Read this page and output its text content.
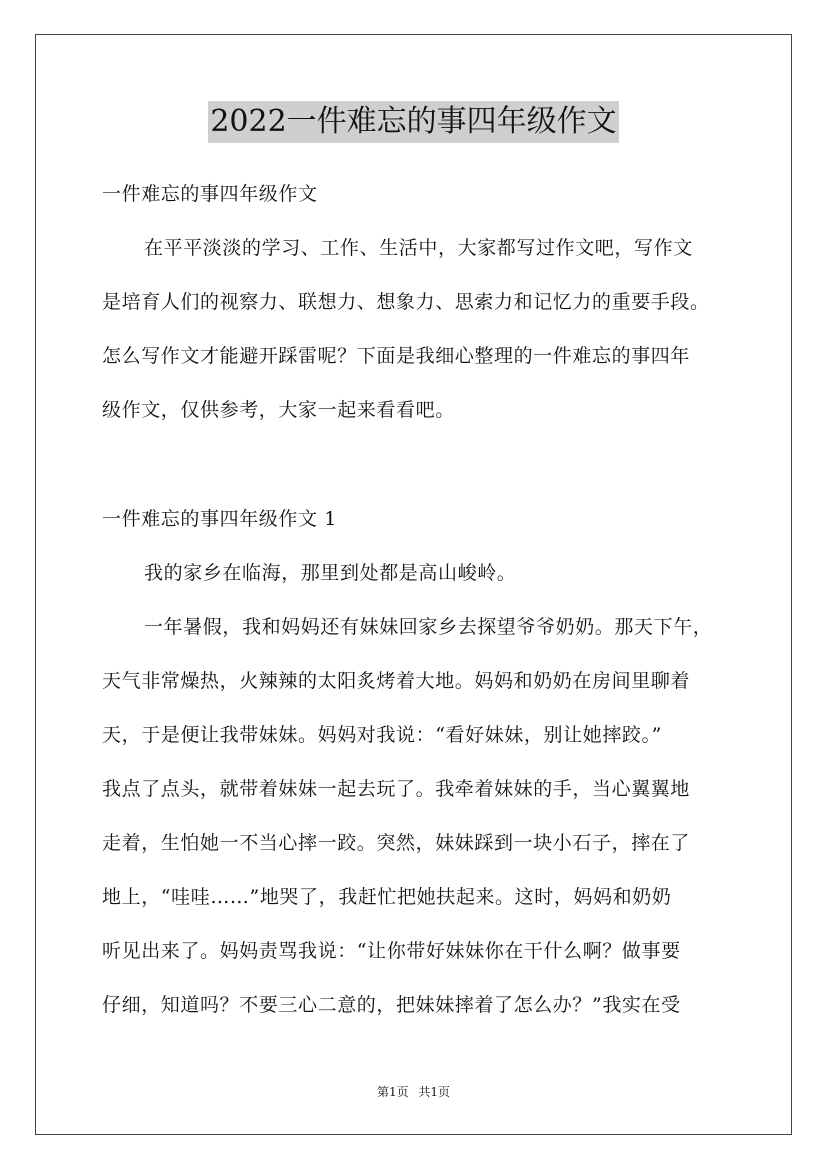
2022一件难忘的事四年级作文
一件难忘的事四年级作文
在平平淡淡的学习、工作、生活中，大家都写过作文吧，写作文
是培育人们的视察力、联想力、想象力、思索力和记忆力的重要手段。
怎么写作文才能避开踩雷呢？下面是我细心整理的一件难忘的事四年
级作文，仅供参考，大家一起来看看吧。
一件难忘的事四年级作文 1
我的家乡在临海，那里到处都是高山峻岭。
一年暑假，我和妈妈还有妹妹回家乡去探望爷爷奶奶。那天下午，
天气非常燥热，火辣辣的太阳炙烤着大地。妈妈和奶奶在房间里聊着
天，于是便让我带妹妹。妈妈对我说：“看好妹妹，别让她摔跤。”
我点了点头，就带着妹妹一起去玩了。我牵着妹妹的手，当心翼翼地
走着，生怕她一不当心摔一跤。突然，妹妹踩到一块小石子，摔在了
地上，“哇哇……”地哭了，我赶忙把她扶起来。这时，妈妈和奶奶
听见出来了。妈妈责骂我说：“让你带好妹妹你在干什么啊？做事要
仔细，知道吗？不要三心二意的，把妹妹摔着了怎么办？”我实在受
第1页 共1页
